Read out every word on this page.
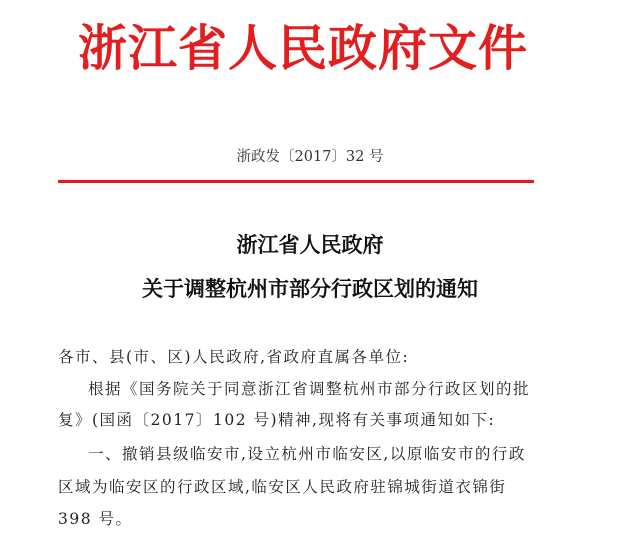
浙江省人民政府文件
浙政发〔2017〕32 号
浙江省人民政府
关于调整杭州市部分行政区划的通知
各市、县(市、区)人民政府,省政府直属各单位:
根据《国务院关于同意浙江省调整杭州市部分行政区划的批
复》(国函〔2017〕102 号)精神,现将有关事项通知如下:
一、撤销县级临安市,设立杭州市临安区,以原临安市的行政
区域为临安区的行政区域,临安区人民政府驻锦城街道衣锦街
398 号。
